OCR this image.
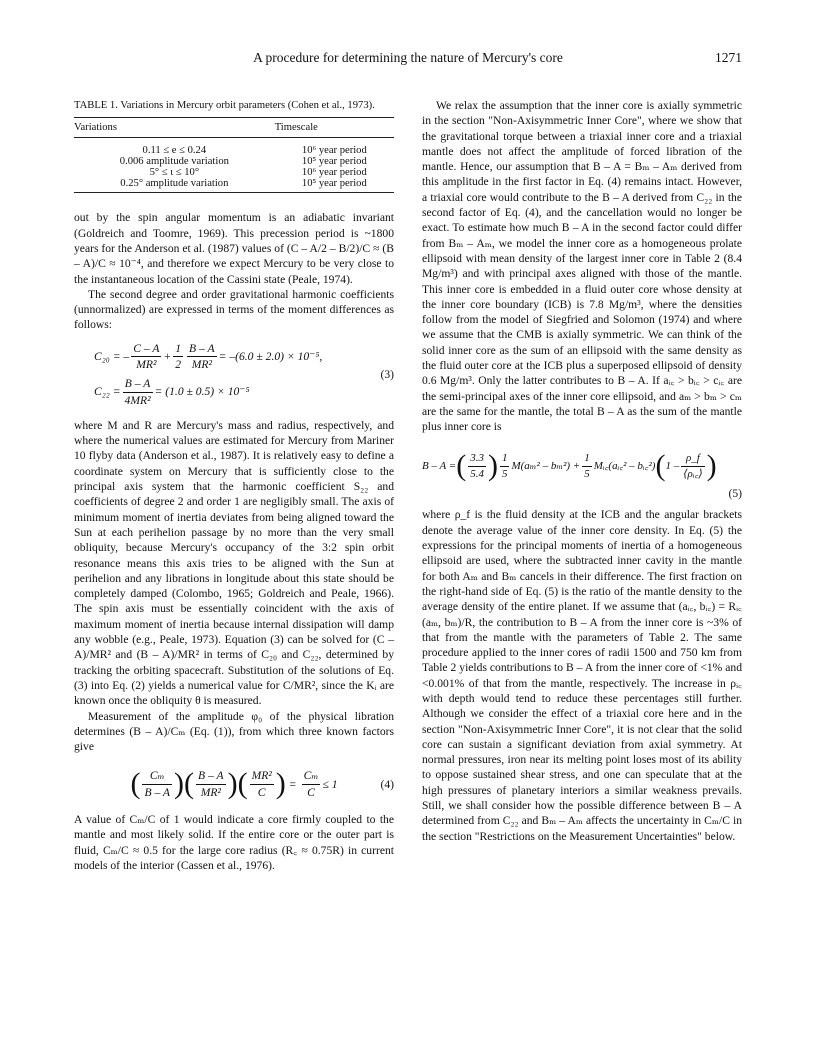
A procedure for determining the nature of Mercury's core	1271
TABLE 1. Variations in Mercury orbit parameters (Cohen et al., 1973).
Variations	Timescale
0.11 ≤ e ≤ 0.24	10⁶ year period
0.006 amplitude variation	10⁵ year period
5° ≤ ι ≤ 10°	10⁶ year period
0.25° amplitude variation	10⁵ year period

out by the spin angular momentum is an adiabatic invariant (Goldreich and Toomre, 1969). This precession period is ~1800 years for the Anderson et al. (1987) values of (C – A/2 – B/2)/C ≈ (B – A)/C ≈ 10⁻⁴, and therefore we expect Mercury to be very close to the instantaneous location of the Cassini state (Peale, 1974).

The second degree and order gravitational harmonic coefficients (unnormalized) are expressed in terms of the moment differences as follows:

C₂₀ = – $\frac{C - A}{\text{MR²}} + \frac{1}{2} \frac{B - A}{\text{MR²}} = -(6.0 \pm 2.0) \times 10^{-5}$,
$C_{22} = \frac{B - A}{\text{4MR²}} = (1.0 \pm 0.5) \times 10^{-5}$
(3)

where M and R are Mercury's mass and radius, respectively, and where the numerical values are estimated for Mercury from Mariner 10 flyby data (Anderson et al., 1987). It is relatively easy to define a coordinate system on Mercury that is sufficiently close to the principal axis system that the harmonic coefficient S₂₂ and coefficients of degree 2 and order 1 are negligibly small. The axis of minimum moment of inertia deviates from being aligned toward the Sun at each perihelion passage by no more than the very small obliquity, because Mercury's occupancy of the 3:2 spin orbit resonance means this axis tries to be aligned with the Sun at perihelion and any librations in longitude about this state should be completely damped (Colombo, 1965; Goldreich and Peale, 1966). The spin axis must be essentially coincident with the axis of maximum moment of inertia because internal dissipation will damp any wobble (e.g., Peale, 1973). Equation (3) can be solved for (C – A)/MR² and (B – A)/MR² in terms of C₂₀ and C₂₂, determined by tracking the orbiting spacecraft. Substitution of the solutions of Eq. (3) into Eq. (2) yields a numerical value for C/MR², since the Kᵢ are known once the obliquity θ is measured.

Measurement of the amplitude φ₀ of the physical libration determines (B – A)/Cₘ (Eq. (1)), from which three known factors give

( $\frac{\text{Cₘ}}{B - A}$ )( $\frac{B - A}{\text{MR²}}$ )( $\frac{\text{MR²}}{C}$ ) = $\frac{\text{Cₘ}}{C} \le 1$	(4)

A value of Cₘ/C of 1 would indicate a core firmly coupled to the mantle and most likely solid. If the entire core or the outer part is fluid, Cₘ/C ≈ 0.5 for the large core radius (R꜀ ≈ 0.75R) in current models of the interior (Cassen et al., 1976).

We relax the assumption that the inner core is axially symmetric in the section "Non-Axisymmetric Inner Core", where we show that the gravitational torque between a triaxial inner core and a triaxial mantle does not affect the amplitude of forced libration of the mantle. Hence, our assumption that B – A = Bₘ – Aₘ derived from this amplitude in the first factor in Eq. (4) remains intact. However, a triaxial core would contribute to the B – A derived from C₂₂ in the second factor of Eq. (4), and the cancellation would no longer be exact. To estimate how much B – A in the second factor could differ from Bₘ – Aₘ, we model the inner core as a homogeneous prolate ellipsoid with mean density of the largest inner core in Table 2 (8.4 Mg/m³) and with principal axes aligned with those of the mantle. This inner core is embedded in a fluid outer core whose density at the inner core boundary (ICB) is 7.8 Mg/m³, where the densities follow from the model of Siegfried and Solomon (1974) and where we assume that the CMB is axially symmetric. We can think of the solid inner core as the sum of an ellipsoid with the same density as the fluid outer core at the ICB plus a superposed ellipsoid of density 0.6 Mg/m³. Only the latter contributes to B – A. If aᵢ꜀ > bᵢ꜀ > cᵢ꜀ are the semi-principal axes of the inner core ellipsoid, and aₘ > bₘ > cₘ are the same for the mantle, the total B – A as the sum of the mantle plus inner core is

B – A = ( $\frac{3.3}{5.4}$ ) $\frac{1}{5} M(a_m^2 - b_m^2) + \frac{1}{5}$ Mᵢ꜀(aᵢ꜀² – bᵢ꜀²) ( $1 - \frac{\rho\_f}{\text{⟨ρᵢ꜀⟩}}$ )
(5)

where ρ_f is the fluid density at the ICB and the angular brackets denote the average value of the inner core density. In Eq. (5) the expressions for the principal moments of inertia of a homogeneous ellipsoid are used, where the subtracted inner cavity in the mantle for both Aₘ and Bₘ cancels in their difference. The first fraction on the right-hand side of Eq. (5) is the ratio of the mantle density to the average density of the entire planet. If we assume that (aᵢ꜀, bᵢ꜀) = Rᵢ꜀ (aₘ, bₘ)/R, the contribution to B – A from the inner core is ~3% of that from the mantle with the parameters of Table 2. The same procedure applied to the inner cores of radii 1500 and 750 km from Table 2 yields contributions to B – A from the inner core of <1% and <0.001% of that from the mantle, respectively. The increase in ρᵢ꜀ with depth would tend to reduce these percentages still further. Although we consider the effect of a triaxial core here and in the section "Non-Axisymmetric Inner Core", it is not clear that the solid core can sustain a significant deviation from axial symmetry. At normal pressures, iron near its melting point loses most of its ability to oppose sustained shear stress, and one can speculate that at the high pressures of planetary interiors a similar weakness prevails. Still, we shall consider how the possible difference between B – A determined from C₂₂ and Bₘ – Aₘ affects the uncertainty in Cₘ/C in the section "Restrictions on the Measurement Uncertainties" below.
